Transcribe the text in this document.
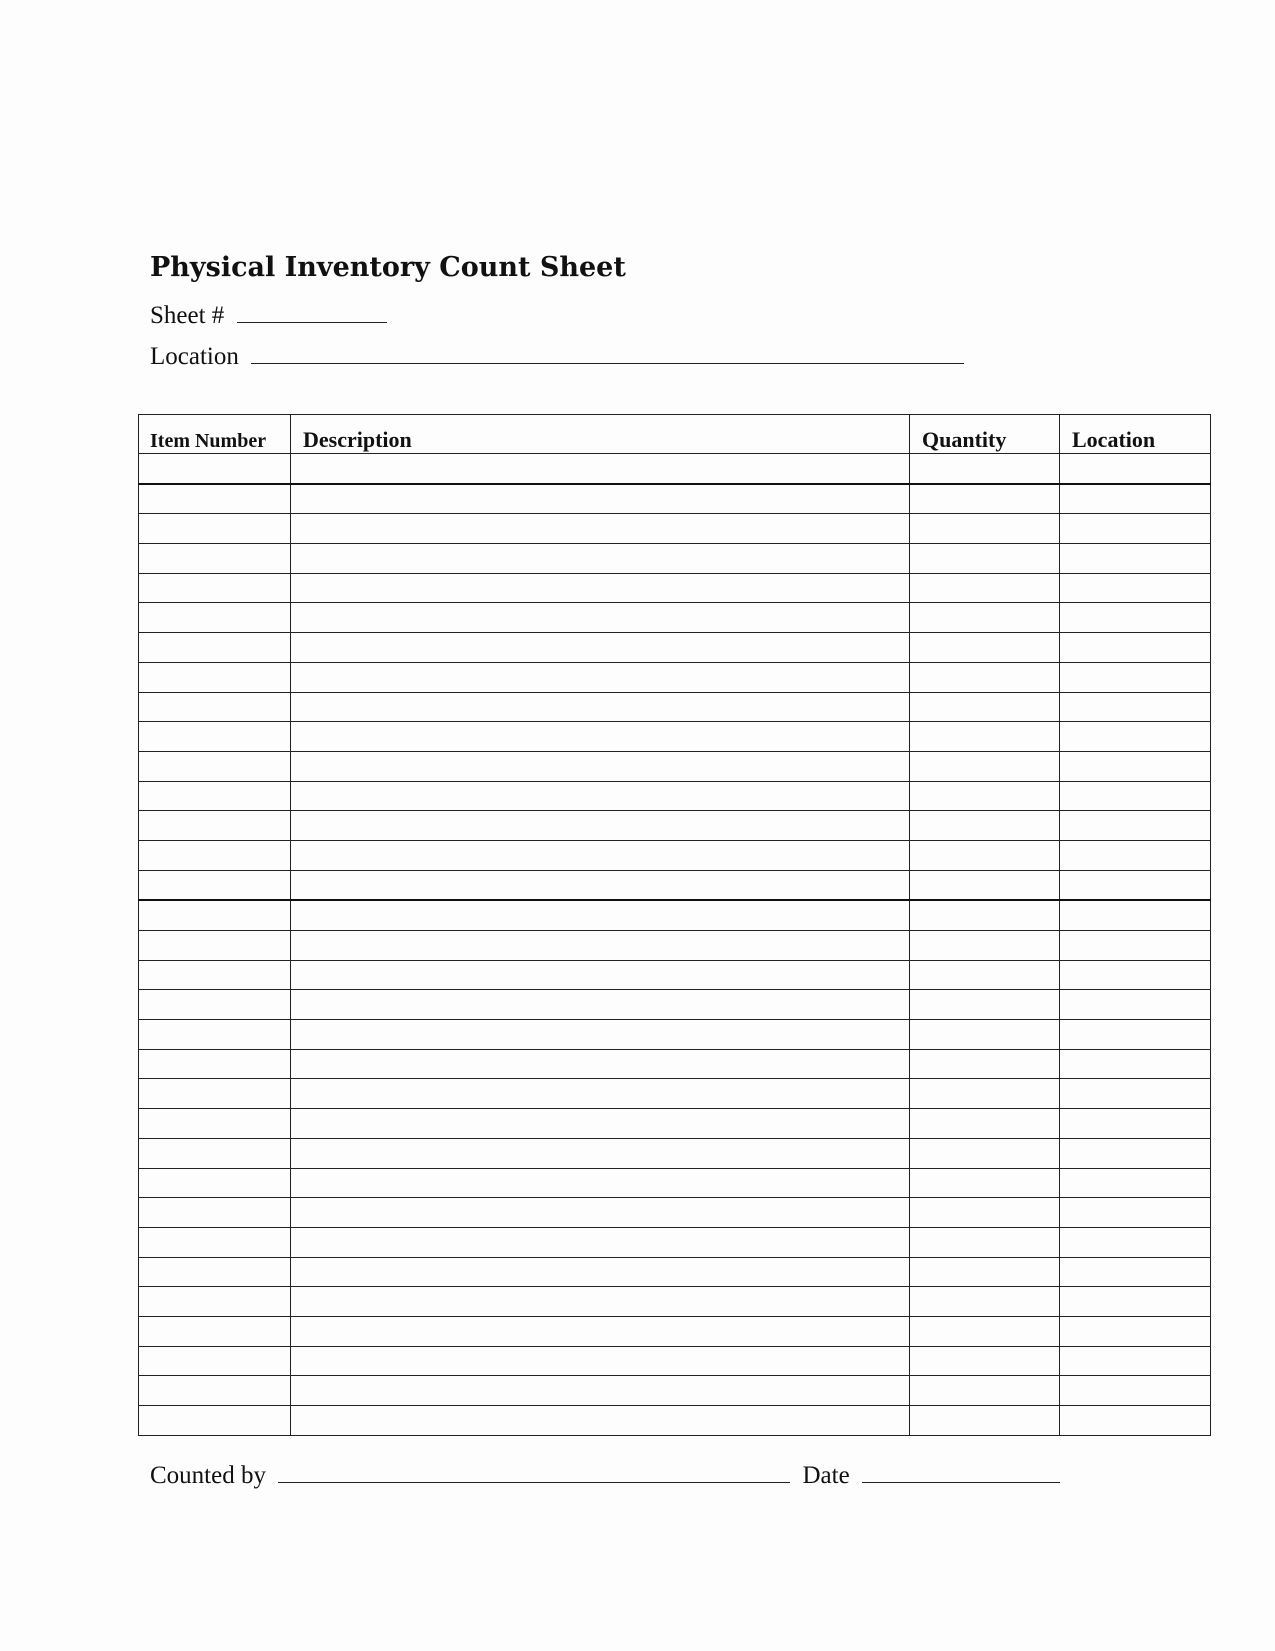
Physical Inventory Count Sheet
Sheet #
Location
Item Number	Description	Quantity	Location

Counted by	Date
